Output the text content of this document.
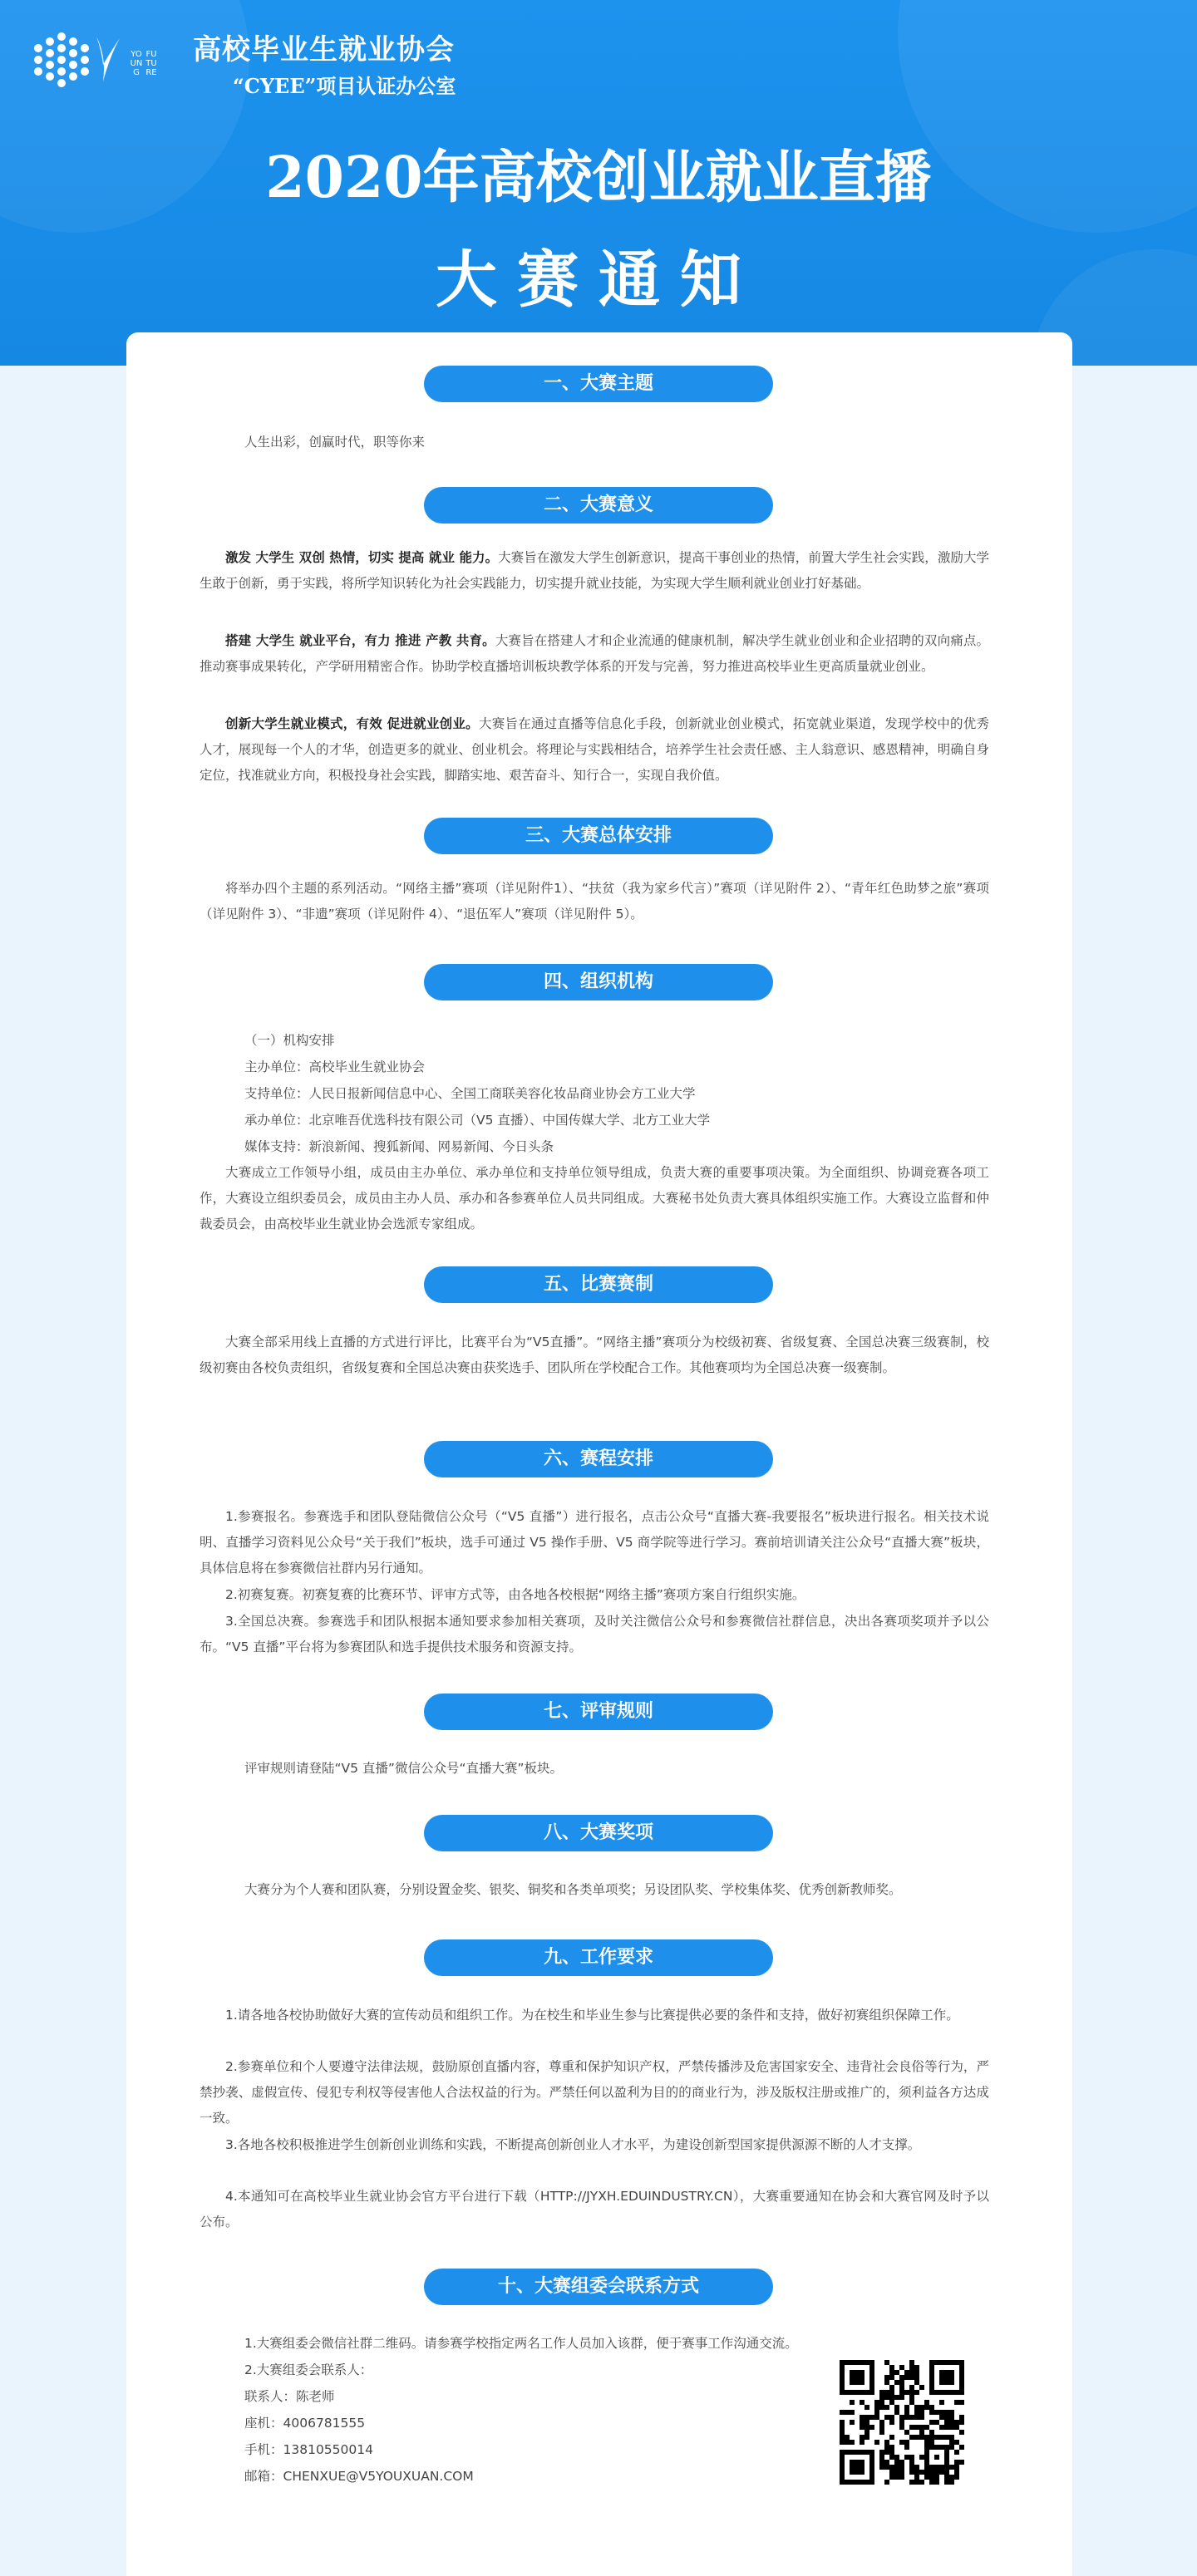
YOUNG
FUTURE
高校毕业生就业协会
“CYEE”项目认证办公室
2020年高校创业就业直播
大赛通知
一、大赛主题
人生出彩，创赢时代，职等你来
二、大赛意义
激发 大学生 双创 热情，切实 提高 就业 能力。大赛旨在激发大学生创新意识，提高干事创业的热情，前置大学生社会实践，激励大学生敢于创新，勇于实践，将所学知识转化为社会实践能力，切实提升就业技能，为实现大学生顺利就业创业打好基础。
搭建 大学生 就业平台，有力 推进 产教 共育。大赛旨在搭建人才和企业流通的健康机制，解决学生就业创业和企业招聘的双向痛点。推动赛事成果转化，产学研用精密合作。协助学校直播培训板块教学体系的开发与完善，努力推进高校毕业生更高质量就业创业。
创新大学生就业模式，有效 促进就业创业。大赛旨在通过直播等信息化手段，创新就业创业模式，拓宽就业渠道，发现学校中的优秀人才，展现每一个人的才华，创造更多的就业、创业机会。将理论与实践相结合，培养学生社会责任感、主人翁意识、感恩精神，明确自身定位，找准就业方向，积极投身社会实践，脚踏实地、艰苦奋斗、知行合一，实现自我价值。
三、大赛总体安排
将举办四个主题的系列活动。“网络主播”赛项（详见附件1）、“扶贫（我为家乡代言）”赛项（详见附件 2）、“青年红色助梦之旅”赛项（详见附件 3）、“非遗”赛项（详见附件 4）、“退伍军人”赛项（详见附件 5）。
四、组织机构
（一）机构安排
主办单位：高校毕业生就业协会
支持单位：人民日报新闻信息中心、全国工商联美容化妆品商业协会方工业大学
承办单位：北京唯吾优选科技有限公司（V5 直播）、中国传媒大学、北方工业大学
媒体支持：新浪新闻、搜狐新闻、网易新闻、今日头条
大赛成立工作领导小组，成员由主办单位、承办单位和支持单位领导组成，负责大赛的重要事项决策。为全面组织、协调竞赛各项工作，大赛设立组织委员会，成员由主办人员、承办和各参赛单位人员共同组成。大赛秘书处负责大赛具体组织实施工作。大赛设立监督和仲裁委员会，由高校毕业生就业协会选派专家组成。
五、比赛赛制
大赛全部采用线上直播的方式进行评比，比赛平台为“V5直播”。“网络主播”赛项分为校级初赛、省级复赛、全国总决赛三级赛制，校级初赛由各校负责组织，省级复赛和全国总决赛由获奖选手、团队所在学校配合工作。其他赛项均为全国总决赛一级赛制。
六、赛程安排
1.参赛报名。参赛选手和团队登陆微信公众号（“V5 直播”）进行报名，点击公众号“直播大赛-我要报名”板块进行报名。相关技术说明、直播学习资料见公众号“关于我们”板块，选手可通过 V5 操作手册、V5 商学院等进行学习。赛前培训请关注公众号“直播大赛”板块，具体信息将在参赛微信社群内另行通知。
2.初赛复赛。初赛复赛的比赛环节、评审方式等，由各地各校根据“网络主播”赛项方案自行组织实施。
3.全国总决赛。参赛选手和团队根据本通知要求参加相关赛项，及时关注微信公众号和参赛微信社群信息，决出各赛项奖项并予以公布。“V5 直播”平台将为参赛团队和选手提供技术服务和资源支持。
七、评审规则
评审规则请登陆“V5 直播”微信公众号“直播大赛”板块。
八、大赛奖项
大赛分为个人赛和团队赛，分别设置金奖、银奖、铜奖和各类单项奖；另设团队奖、学校集体奖、优秀创新教师奖。
九、工作要求
1.请各地各校协助做好大赛的宣传动员和组织工作。为在校生和毕业生参与比赛提供必要的条件和支持，做好初赛组织保障工作。
2.参赛单位和个人要遵守法律法规，鼓励原创直播内容，尊重和保护知识产权，严禁传播涉及危害国家安全、违背社会良俗等行为，严禁抄袭、虚假宣传、侵犯专利权等侵害他人合法权益的行为。严禁任何以盈利为目的的商业行为，涉及版权注册或推广的，须利益各方达成一致。
3.各地各校积极推进学生创新创业训练和实践，不断提高创新创业人才水平，为建设创新型国家提供源源不断的人才支撑。
4.本通知可在高校毕业生就业协会官方平台进行下载（HTTP://JYXH.EDUINDUSTRY.CN），大赛重要通知在协会和大赛官网及时予以公布。
十、大赛组委会联系方式
1.大赛组委会微信社群二维码。请参赛学校指定两名工作人员加入该群，便于赛事工作沟通交流。
2.大赛组委会联系人：
联系人：陈老师
座机：4006781555
手机：13810550014
邮箱：CHENXUE@V5YOUXUAN.COM
